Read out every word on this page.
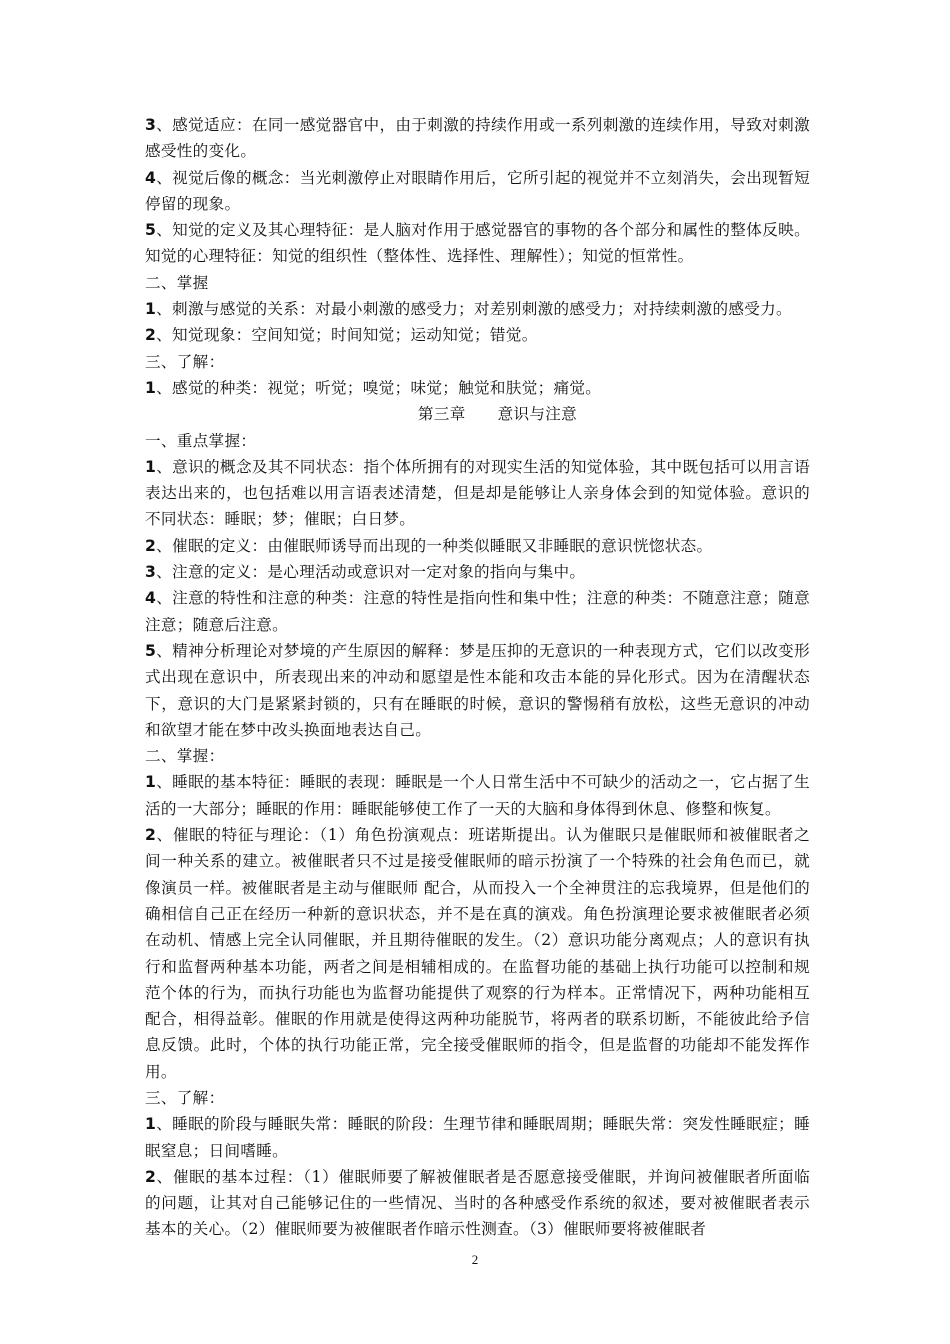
3、感觉适应：在同一感觉器官中，由于刺激的持续作用或一系列刺激的连续作用，导致对刺激感受性的变化。

4、视觉后像的概念：当光刺激停止对眼睛作用后，它所引起的视觉并不立刻消失，会出现暂短停留的现象。

5、知觉的定义及其心理特征：是人脑对作用于感觉器官的事物的各个部分和属性的整体反映。知觉的心理特征：知觉的组织性（整体性、选择性、理解性）；知觉的恒常性。

二、掌握

1、刺激与感觉的关系：对最小刺激的感受力；对差别刺激的感受力；对持续刺激的感受力。

2、知觉现象：空间知觉；时间知觉；运动知觉；错觉。

三、了解：

1、感觉的种类：视觉；听觉；嗅觉；味觉；触觉和肤觉；痛觉。

第三章 意识与注意

一、重点掌握：

1、意识的概念及其不同状态：指个体所拥有的对现实生活的知觉体验，其中既包括可以用言语表达出来的，也包括难以用言语表述清楚，但是却是能够让人亲身体会到的知觉体验。意识的不同状态：睡眠；梦；催眠；白日梦。

2、催眠的定义：由催眠师诱导而出现的一种类似睡眠又非睡眠的意识恍惚状态。

3、注意的定义：是心理活动或意识对一定对象的指向与集中。

4、注意的特性和注意的种类：注意的特性是指向性和集中性；注意的种类：不随意注意；随意注意；随意后注意。

5、精神分析理论对梦境的产生原因的解释：梦是压抑的无意识的一种表现方式，它们以改变形式出现在意识中，所表现出来的冲动和愿望是性本能和攻击本能的异化形式。因为在清醒状态下，意识的大门是紧紧封锁的，只有在睡眠的时候，意识的警惕稍有放松，这些无意识的冲动和欲望才能在梦中改头换面地表达自己。

二、掌握：

1、睡眠的基本特征：睡眠的表现：睡眠是一个人日常生活中不可缺少的活动之一，它占据了生活的一大部分；睡眠的作用：睡眠能够使工作了一天的大脑和身体得到休息、修整和恢复。

2、催眠的特征与理论：（1）角色扮演观点：班诺斯提出。认为催眠只是催眠师和被催眠者之间一种关系的建立。被催眠者只不过是接受催眠师的暗示扮演了一个特殊的社会角色而已，就像演员一样。被催眠者是主动与催眠师 配合，从而投入一个全神贯注的忘我境界，但是他们的确相信自己正在经历一种新的意识状态，并不是在真的演戏。角色扮演理论要求被催眠者必须在动机、情感上完全认同催眠，并且期待催眠的发生。（2）意识功能分离观点；人的意识有执行和监督两种基本功能，两者之间是相辅相成的。在监督功能的基础上执行功能可以控制和规范个体的行为，而执行功能也为监督功能提供了观察的行为样本。正常情况下，两种功能相互配合，相得益彰。催眠的作用就是使得这两种功能脱节，将两者的联系切断，不能彼此给予信息反馈。此时，个体的执行功能正常，完全接受催眠师的指令，但是监督的功能却不能发挥作用。

三、了解：

1、睡眠的阶段与睡眠失常：睡眠的阶段：生理节律和睡眠周期；睡眠失常：突发性睡眠症；睡眠窒息；日间嗜睡。

2、催眠的基本过程：（1）催眠师要了解被催眠者是否愿意接受催眠，并询问被催眠者所面临的问题，让其对自己能够记住的一些情况、当时的各种感受作系统的叙述，要对被催眠者表示基本的关心。（2）催眠师要为被催眠者作暗示性测查。（3）催眠师要将被催眠者

2
